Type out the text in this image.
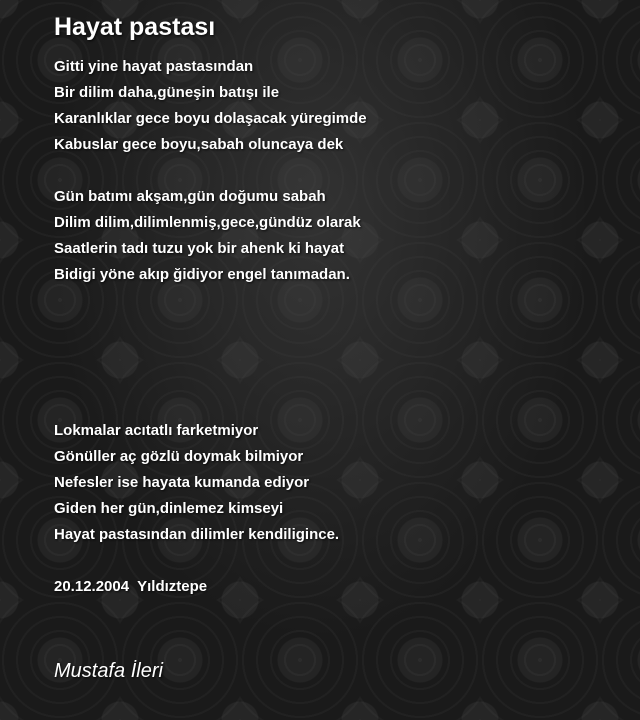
Hayat pastası
Gitti yine hayat pastasından
Bir dilim daha,güneşin batışı ile
Karanlıklar gece boyu dolaşacak yüregimde
Kabuslar gece boyu,sabah oluncaya dek
Gün batımı akşam,gün doğumu sabah
Dilim dilim,dilimlenmiş,gece,gündüz olarak
Saatlerin tadı tuzu yok bir ahenk ki hayat
Bidigi yöne akıp ğidiyor engel tanımadan.
Lokmalar acıtatlı farketmiyor
Gönüller aç gözlü doymak bilmiyor
Nefesler ise hayata kumanda ediyor
Giden her gün,dinlemez kimseyi
Hayat pastasından dilimler kendiligince.
20.12.2004  Yıldıztepe
Mustafa İleri
